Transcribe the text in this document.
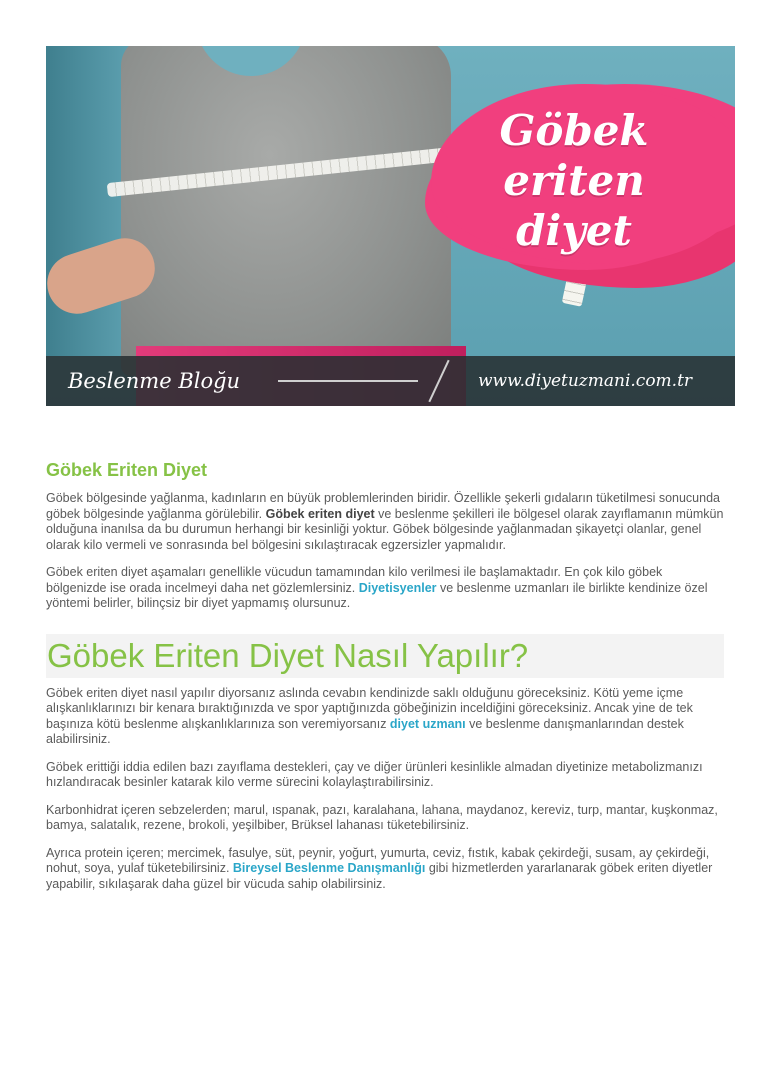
Göbek eriten
diyet
Beslenme Bloğu	www.diyetuzmani.com.tr
Göbek Eriten Diyet

Göbek bölgesinde yağlanma, kadınların en büyük problemlerinden biridir. Özellikle şekerli gıdaların tüketilmesi sonucunda göbek bölgesinde yağlanma görülebilir. Göbek eriten diyet ve beslenme şekilleri ile bölgesel olarak zayıflamanın mümkün olduğuna inanılsa da bu durumun herhangi bir kesinliği yoktur. Göbek bölgesinde yağlanmadan şikayetçi olanlar, genel olarak kilo vermeli ve sonrasında bel bölgesini sıkılaştıracak egzersizler yapmalıdır.

Göbek eriten diyet aşamaları genellikle vücudun tamamından kilo verilmesi ile başlamaktadır. En çok kilo göbek bölgenizde ise orada incelmeyi daha net gözlemlersiniz. Diyetisyenler ve beslenme uzmanları ile birlikte kendinize özel yöntemi belirler, bilinçsiz bir diyet yapmamış olursunuz.

Göbek Eriten Diyet Nasıl Yapılır?

Göbek eriten diyet nasıl yapılır diyorsanız aslında cevabın kendinizde saklı olduğunu göreceksiniz. Kötü yeme içme alışkanlıklarınızı bir kenara bıraktığınızda ve spor yaptığınızda göbeğinizin inceldiğini göreceksiniz. Ancak yine de tek başınıza kötü beslenme alışkanlıklarınıza son veremiyorsanız diyet uzmanı ve beslenme danışmanlarından destek alabilirsiniz.

Göbek erittiği iddia edilen bazı zayıflama destekleri, çay ve diğer ürünleri kesinlikle almadan diyetinize metabolizmanızı hızlandıracak besinler katarak kilo verme sürecini kolaylaştırabilirsiniz.

Karbonhidrat içeren sebzelerden; marul, ıspanak, pazı, karalahana, lahana, maydanoz, kereviz, turp, mantar, kuşkonmaz, bamya, salatalık, rezene, brokoli, yeşilbiber, Brüksel lahanası tüketebilirsiniz.

Ayrıca protein içeren; mercimek, fasulye, süt, peynir, yoğurt, yumurta, ceviz, fıstık, kabak çekirdeği, susam, ay çekirdeği, nohut, soya, yulaf tüketebilirsiniz. Bireysel Beslenme Danışmanlığı gibi hizmetlerden yararlanarak göbek eriten diyetler yapabilir, sıkılaşarak daha güzel bir vücuda sahip olabilirsiniz.
